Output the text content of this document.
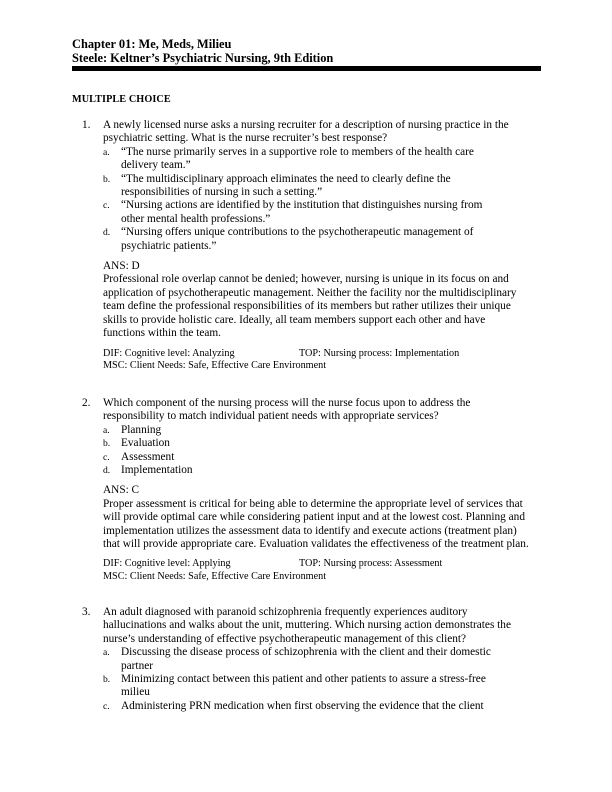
Chapter 01: Me, Meds, Milieu
Steele: Keltner’s Psychiatric Nursing, 9th Edition
MULTIPLE CHOICE
1. A newly licensed nurse asks a nursing recruiter for a description of nursing practice in the
psychiatric setting. What is the nurse recruiter’s best response?
a. “The nurse primarily serves in a supportive role to members of the health care
delivery team.”
b. “The multidisciplinary approach eliminates the need to clearly define the
responsibilities of nursing in such a setting.”
c. “Nursing actions are identified by the institution that distinguishes nursing from
other mental health professions.”
d. “Nursing offers unique contributions to the psychotherapeutic management of
psychiatric patients.”
ANS: D
Professional role overlap cannot be denied; however, nursing is unique in its focus on and
application of psychotherapeutic management. Neither the facility nor the multidisciplinary
team define the professional responsibilities of its members but rather utilizes their unique
skills to provide holistic care. Ideally, all team members support each other and have
functions within the team.
DIF: Cognitive level: Analyzing	TOP: Nursing process: Implementation
MSC: Client Needs: Safe, Effective Care Environment
2. Which component of the nursing process will the nurse focus upon to address the
responsibility to match individual patient needs with appropriate services?
a. Planning
b. Evaluation
c. Assessment
d. Implementation
ANS: C
Proper assessment is critical for being able to determine the appropriate level of services that
will provide optimal care while considering patient input and at the lowest cost. Planning and
implementation utilizes the assessment data to identify and execute actions (treatment plan)
that will provide appropriate care. Evaluation validates the effectiveness of the treatment plan.
DIF: Cognitive level: Applying	TOP: Nursing process: Assessment
MSC: Client Needs: Safe, Effective Care Environment
3. An adult diagnosed with paranoid schizophrenia frequently experiences auditory
hallucinations and walks about the unit, muttering. Which nursing action demonstrates the
nurse’s understanding of effective psychotherapeutic management of this client?
a. Discussing the disease process of schizophrenia with the client and their domestic
partner
b. Minimizing contact between this patient and other patients to assure a stress-free
milieu
c. Administering PRN medication when first observing the evidence that the client
